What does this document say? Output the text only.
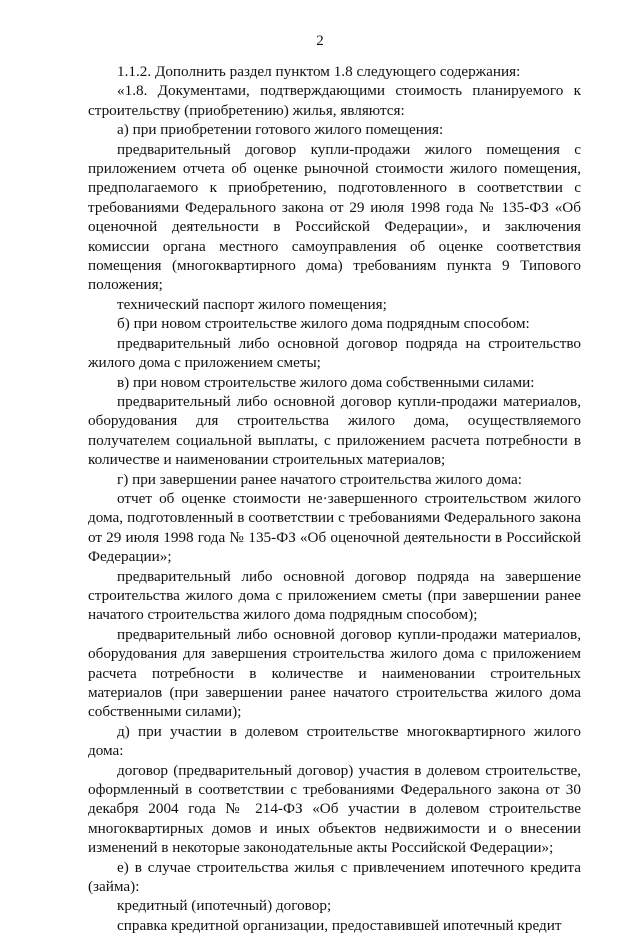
2

1.1.2. Дополнить раздел пунктом 1.8 следующего содержания:

«1.8. Документами, подтверждающими стоимость планируемого к строительству (приобретению) жилья, являются:

а) при приобретении готового жилого помещения:

предварительный договор купли-продажи жилого помещения с приложением отчета об оценке рыночной стоимости жилого помещения, предполагаемого к приобретению, подготовленного в соответствии с требованиями Федерального закона от 29 июля 1998 года № 135-ФЗ «Об оценочной деятельности в Российской Федерации», и заключения комиссии органа местного самоуправления об оценке соответствия помещения (многоквартирного дома) требованиям пункта 9 Типового положения;

технический паспорт жилого помещения;

б) при новом строительстве жилого дома подрядным способом:

предварительный либо основной договор подряда на строительство жилого дома с приложением сметы;

в) при новом строительстве жилого дома собственными силами:

предварительный либо основной договор купли-продажи материалов, оборудования для строительства жилого дома, осуществляемого получателем социальной выплаты, с приложением расчета потребности в количестве и наименовании строительных материалов;

г) при завершении ранее начатого строительства жилого дома:

отчет об оценке стоимости не·завершенного строительством жилого дома, подготовленный в соответствии с требованиями Федерального закона от 29 июля 1998 года № 135-ФЗ «Об оценочной деятельности в Российской Федерации»;

предварительный либо основной договор подряда на завершение строительства жилого дома с приложением сметы (при завершении ранее начатого строительства жилого дома подрядным способом);

предварительный либо основной договор купли-продажи материалов, оборудования для завершения строительства жилого дома с приложением расчета потребности в количестве и наименовании строительных материалов (при завершении ранее начатого строительства жилого дома собственными силами);

д) при участии в долевом строительстве многоквартирного жилого дома:

договор (предварительный договор) участия в долевом строительстве, оформленный в соответствии с требованиями Федерального закона от 30 декабря 2004 года № 214-ФЗ «Об участии в долевом строительстве многоквартирных домов и иных объектов недвижимости и о внесении изменений в некоторые законодательные акты Российской Федерации»;

е) в случае строительства жилья с привлечением ипотечного кредита (займа):

кредитный (ипотечный) договор;

справка кредитной организации, предоставившей ипотечный кредит
